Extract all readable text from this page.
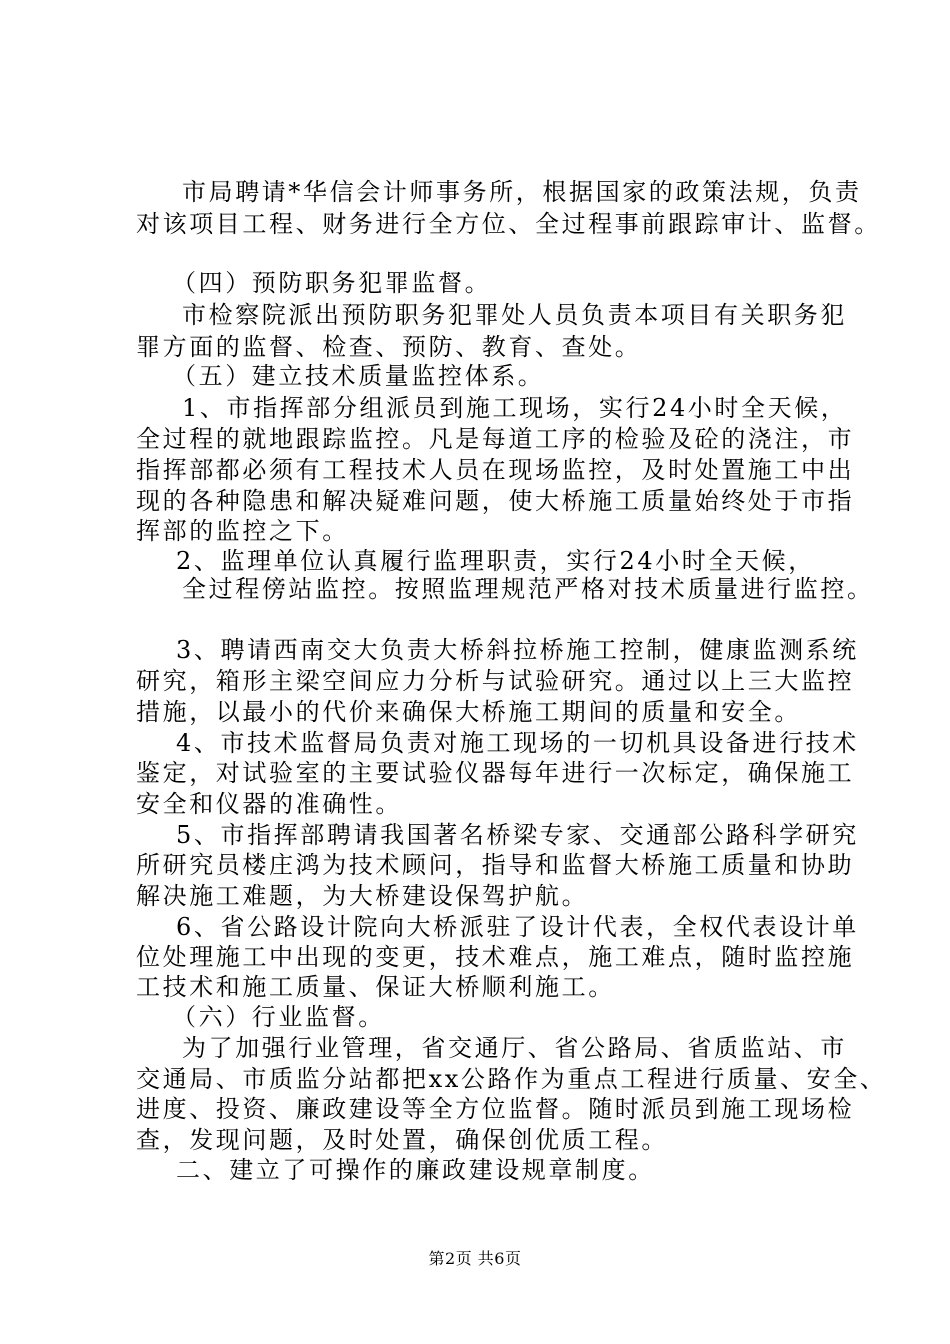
市局聘请*华信会计师事务所，根据国家的政策法规，负责
对该项目工程、财务进行全方位、全过程事前跟踪审计、监督。
（四）预防职务犯罪监督。
市检察院派出预防职务犯罪处人员负责本项目有关职务犯
罪方面的监督、检查、预防、教育、查处。
（五）建立技术质量监控体系。
1、市指挥部分组派员到施工现场，实行24小时全天候，
全过程的就地跟踪监控。凡是每道工序的检验及砼的浇注，市
指挥部都必须有工程技术人员在现场监控，及时处置施工中出
现的各种隐患和解决疑难问题，使大桥施工质量始终处于市指
挥部的监控之下。
2、监理单位认真履行监理职责，实行24小时全天候，
全过程傍站监控。按照监理规范严格对技术质量进行监控。
3、聘请西南交大负责大桥斜拉桥施工控制，健康监测系统
研究，箱形主梁空间应力分析与试验研究。通过以上三大监控
措施，以最小的代价来确保大桥施工期间的质量和安全。
4、市技术监督局负责对施工现场的一切机具设备进行技术
鉴定，对试验室的主要试验仪器每年进行一次标定，确保施工
安全和仪器的准确性。
5、市指挥部聘请我国著名桥梁专家、交通部公路科学研究
所研究员楼庄鸿为技术顾问，指导和监督大桥施工质量和协助
解决施工难题，为大桥建设保驾护航。
6、省公路设计院向大桥派驻了设计代表，全权代表设计单
位处理施工中出现的变更，技术难点，施工难点，随时监控施
工技术和施工质量、保证大桥顺利施工。
（六）行业监督。
为了加强行业管理，省交通厅、省公路局、省质监站、市
交通局、市质监分站都把xx公路作为重点工程进行质量、安全、
进度、投资、廉政建设等全方位监督。随时派员到施工现场检
查，发现问题，及时处置，确保创优质工程。
二、建立了可操作的廉政建设规章制度。
第2页 共6页
